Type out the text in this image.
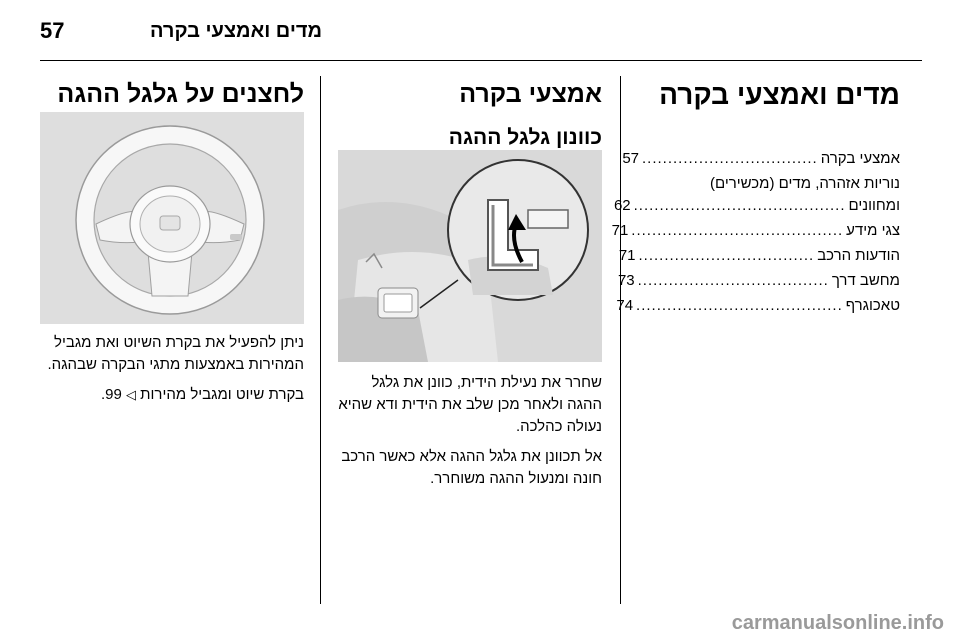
57	מדים ואמצעי בקרה
מדים ואמצעי בקרה
אמצעי בקרה
..................................
57
נוריות אזהרה, מדים (מכשירים)
ומחוונים
.........................................
62
צגי מידע
.........................................
71
הודעות הרכב
..................................
71
מחשב דרך
.....................................
73
טאכוגרף
........................................
74
אמצעי בקרה
כוונון גלגל ההגה

שחרר את נעילת הידית, כוונן את גלגל ההגה ולאחר מכן שלב את הידית ודא שהיא נעולה כהלכה.

אל תכוונן את גלגל ההגה אלא כאשר הרכב חונה ומנעול ההגה משוחרר.

לחצנים על גלגל ההגה

ניתן להפעיל את בקרת השיוט ואת מגביל המהירות באמצעות מתגי הבקרה שבהגה.

בקרת שיוט ומגביל מהירות ◁ 99.

carmanualsonline.info
